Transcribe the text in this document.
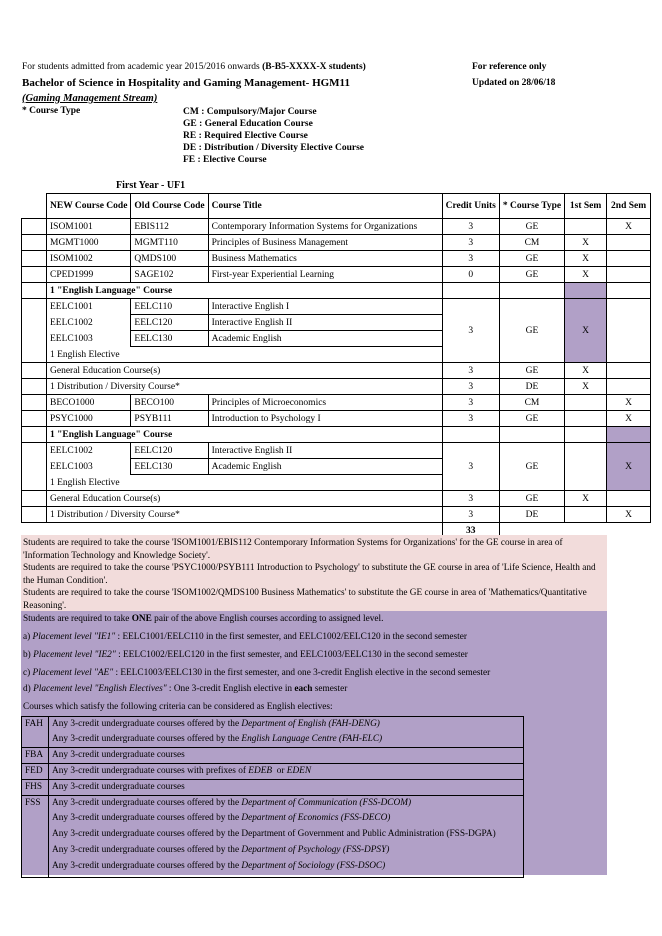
For students admitted from academic year 2015/2016 onwards (B-B5-XXXX-X students)	For reference only
Bachelor of Science in Hospitality and Gaming Management- HGM11	Updated on 28/06/18
(Gaming Management Stream)
* Course Type	CM : Compulsory/Major Course
GE : General Education Course
RE : Required Elective Course
DE : Distribution / Diversity Elective Course
FE : Elective Course
First Year - UF1
	NEW Course Code	Old Course Code	Course Title	Credit Units	* Course Type	1st Sem	2nd Sem
	ISOM1001	EBIS112	Contemporary Information Systems for Organizations	3	GE		X
	MGMT1000	MGMT110	Principles of Business Management	3	CM	X	
	ISOM1002	QMDS100	Business Mathematics	3	GE	X	
	CPED1999	SAGE102	First-year Experiential Learning	0	GE	X	
	1 "English Language" Course						
	EELC1001	EELC110	Interactive English I	3	GE	X	
	EELC1002	EELC120	Interactive English II				
	EELC1003	EELC130	Academic English				
	1 English Elective						
	General Education Course(s)			3	GE	X	
	1 Distribution / Diversity Course*			3	DE	X	
	BECO1000	BECO100	Principles of Microeconomics	3	CM		X
	PSYC1000	PSYB111	Introduction to Psychology I	3	GE		X
	1 "English Language" Course						
	EELC1002	EELC120	Interactive English II	3	GE		X
	EELC1003	EELC130	Academic English				
	1 English Elective						
	General Education Course(s)			3	GE	X	
	1 Distribution / Diversity Course*			3	DE		X
				33			

Students are required to take the course 'ISOM1001/EBIS112 Contemporary Information Systems for Organizations' for the GE course in area of 'Information Technology and Knowledge Society'.

Students are required to take the course 'PSYC1000/PSYB111 Introduction to Psychology' to substitute the GE course in area of 'Life Science, Health and the Human Condition'.

Students are required to take the course 'ISOM1002/QMDS100 Business Mathematics' to substitute the GE course in area of 'Mathematics/Quantitative Reasoning'.

Students are required to take ONE pair of the above English courses according to assigned level.
a) Placement level "IE1" : EELC1001/EELC110 in the first semester, and EELC1002/EELC120 in the second semester
b) Placement level "IE2" : EELC1002/EELC120 in the first semester, and EELC1003/EELC130 in the second semester
c) Placement level "AE" : EELC1003/EELC130 in the first semester, and one 3-credit English elective in the second semester
d) Placement level "English Electives" : One 3-credit English elective in each semester
Courses which satisfy the following criteria can be considered as English electives:
FAH	Any 3-credit undergraduate courses offered by the Department of English (FAH-DENG)
	Any 3-credit undergraduate courses offered by the English Language Centre (FAH-ELC)
FBA	Any 3-credit undergraduate courses
FED	Any 3-credit undergraduate courses with prefixes of EDEB  or EDEN
FHS	Any 3-credit undergraduate courses
FSS	Any 3-credit undergraduate courses offered by the Department of Communication (FSS-DCOM)
	Any 3-credit undergraduate courses offered by the Department of Economics (FSS-DECO)
	Any 3-credit undergraduate courses offered by the Department of Government and Public Administration (FSS-DGPA)
	Any 3-credit undergraduate courses offered by the Department of Psychology (FSS-DPSY)
	Any 3-credit undergraduate courses offered by the Department of Sociology (FSS-DSOC)
